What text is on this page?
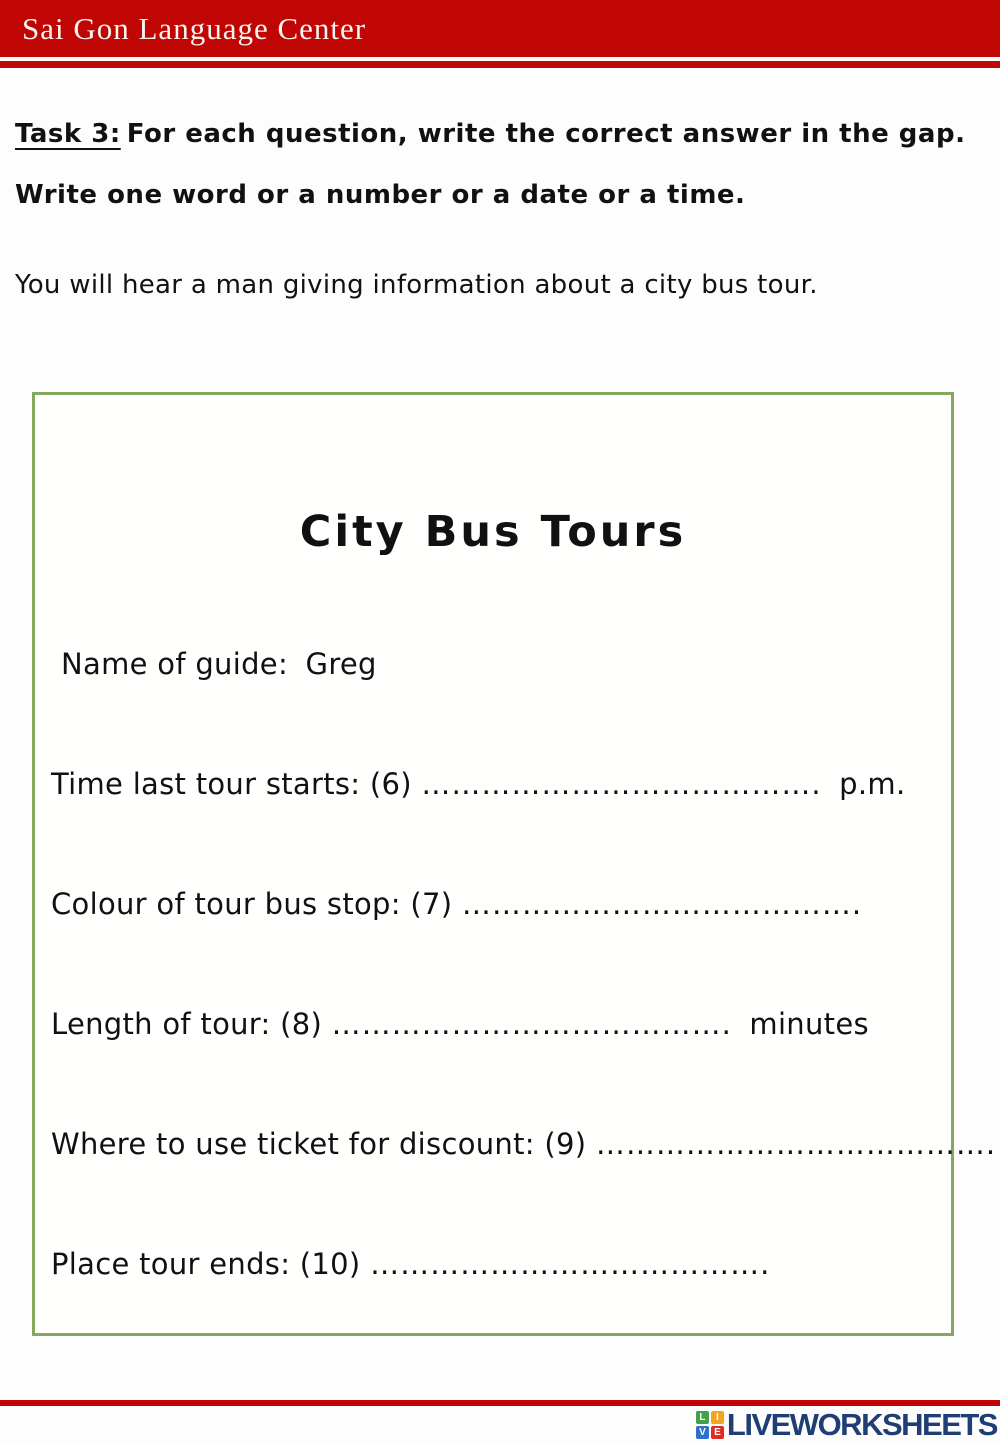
Sai Gon Language Center

Task 3: For each question, write the correct answer in the gap. Write one word or a number or a date or a time.

You will hear a man giving information about a city bus tour.

City Bus Tours
Name of guide: Greg
Time last tour starts: (6) …………………………………. p.m.
Colour of tour bus stop: (7) ………………………………….
Length of tour: (8) …………………………………. minutes
Where to use ticket for discount: (9) ………………………………….
Place tour ends: (10) ………………………………….
L	I
V E LIVEWORKSHEETS
